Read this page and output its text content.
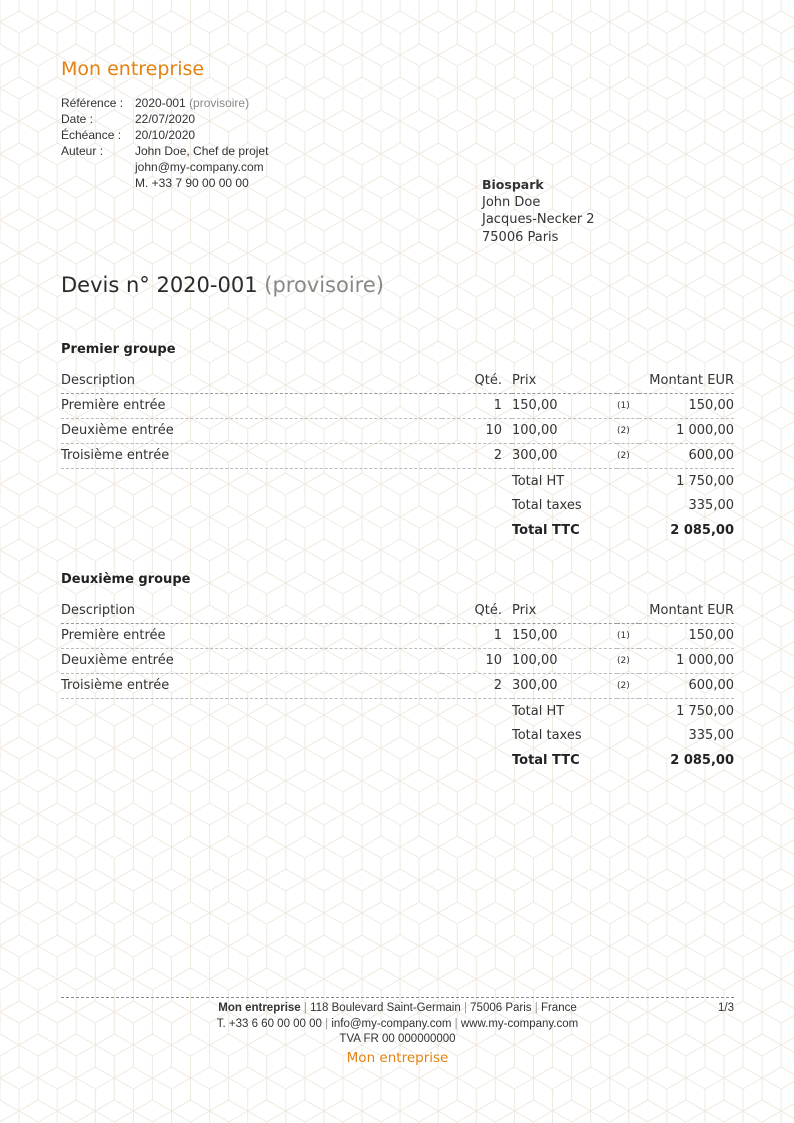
Mon entreprise
Référence : 2020-001 (provisoire)
Date :	22/07/2020
Échéance :	20/10/2020
Auteur :	John Doe, Chef de projet
john@my-company.com
M. +33 7 90 00 00 00	Biospark
John Doe
Jacques-Necker 2
75006 Paris
Devis n° 2020-001 (provisoire)
Premier groupe
Description	Qté.	Prix		Montant EUR
Première entrée	1	150,00	(1)	150,00
Deuxième entrée	10	100,00	(2)	1 000,00
Troisième entrée	2	300,00	(2)	600,00
		Total HT		1 750,00
		Total taxes		335,00
		Total TTC		2 085,00
Deuxième groupe
Description	Qté.	Prix		Montant EUR
Première entrée	1	150,00	(1)	150,00
Deuxième entrée	10	100,00	(2)	1 000,00
Troisième entrée	2	300,00	(2)	600,00
		Total HT		1 750,00
		Total taxes		335,00
		Total TTC		2 085,00
Mon entreprise | 118 Boulevard Saint-Germain | 75006 Paris | France
T. +33 6 60 00 00 00 | info@my-company.com | www.my-company.com
TVA FR 00 000000000
Mon entreprise
1/3
